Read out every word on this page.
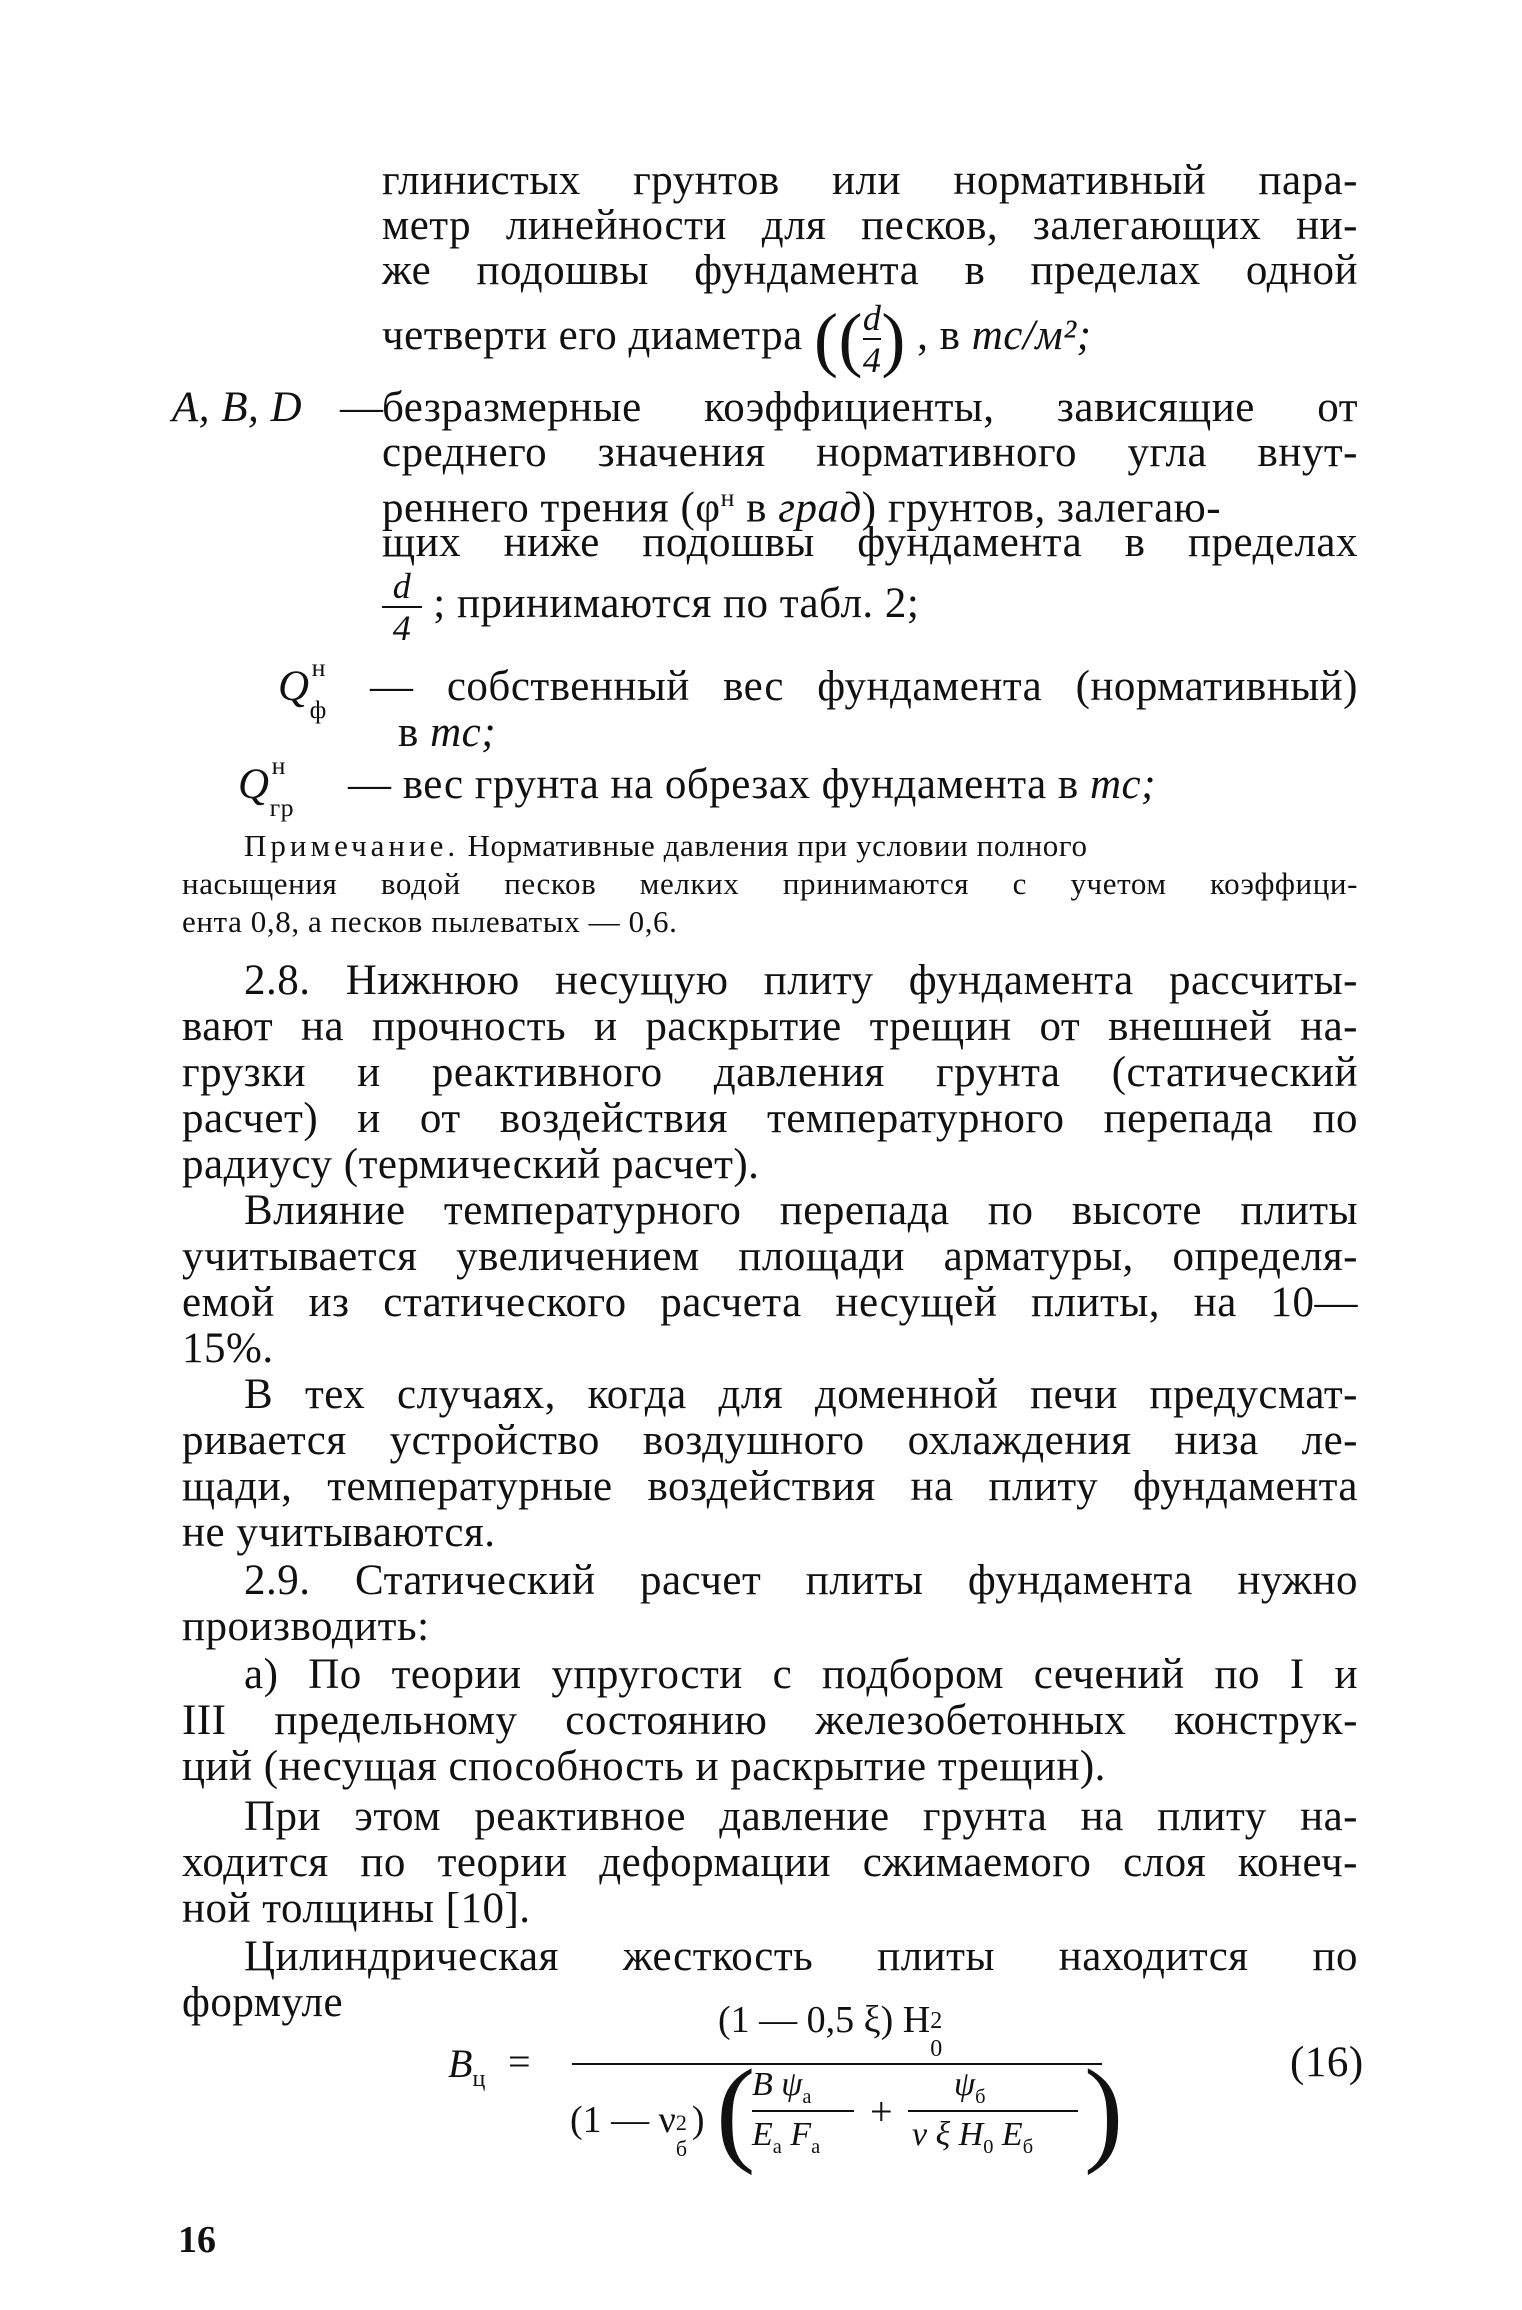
глинистых грунтов или нормативный пара-
метр линейности для песков, залегающих ни-
же подошвы фундамента в пределах одной
четверти его диаметра (( $\frac{d}{4}$ ) , в тс/м²;
A, B, D —
безразмерные коэффициенты, зависящие от
среднего значения нормативного угла внут-
реннего трения ($\varphi^н$ в град) грунтов, залегаю-
щих ниже подошвы фундамента в пределах
$\frac{d}{4}$ ; принимаются по табл. 2;
Q н
$_ф$ — собственный вес фундамента (нормативный)
в тс;
Q н
$_{гр}$ — вес грунта на обрезах фундамента в тс;
Примечание. Нормативные давления при условии полного
насыщения водой песков мелких принимаются с учетом коэффици-
ента 0,8, а песков пылеватых — 0,6.
2.8. Нижнюю несущую плиту фундамента рассчиты-
вают на прочность и раскрытие трещин от внешней на-
грузки и реактивного давления грунта (статический
расчет) и от воздействия температурного перепада по
радиусу (термический расчет).
Влияние температурного перепада по высоте плиты
учитывается увеличением площади арматуры, определя-
емой из статического расчета несущей плиты, на 10—
15%.
В тех случаях, когда для доменной печи предусмат-
ривается устройство воздушного охлаждения низа ле-
щади, температурные воздействия на плиту фундамента
не учитываются.
2.9. Статический расчет плиты фундамента нужно
производить:
а) По теории упругости с подбором сечений по I и
III предельному состоянию железобетонных конструк-
ций (несущая способность и раскрытие трещин).
При этом реактивное давление грунта на плиту на-
ходится по теории деформации сжимаемого слоя конеч-
ной толщины [10].
Цилиндрическая жесткость плиты находится по
формуле
$B_ц$ =
(1 — 0,5 ξ) H 2
0
(1 — ν 2
б
) (
B $\psi_а$
$E_а$ $F_а$
+
$\psi_б$
ν ξ $H_0$ $E_б$ )	(16)
16
